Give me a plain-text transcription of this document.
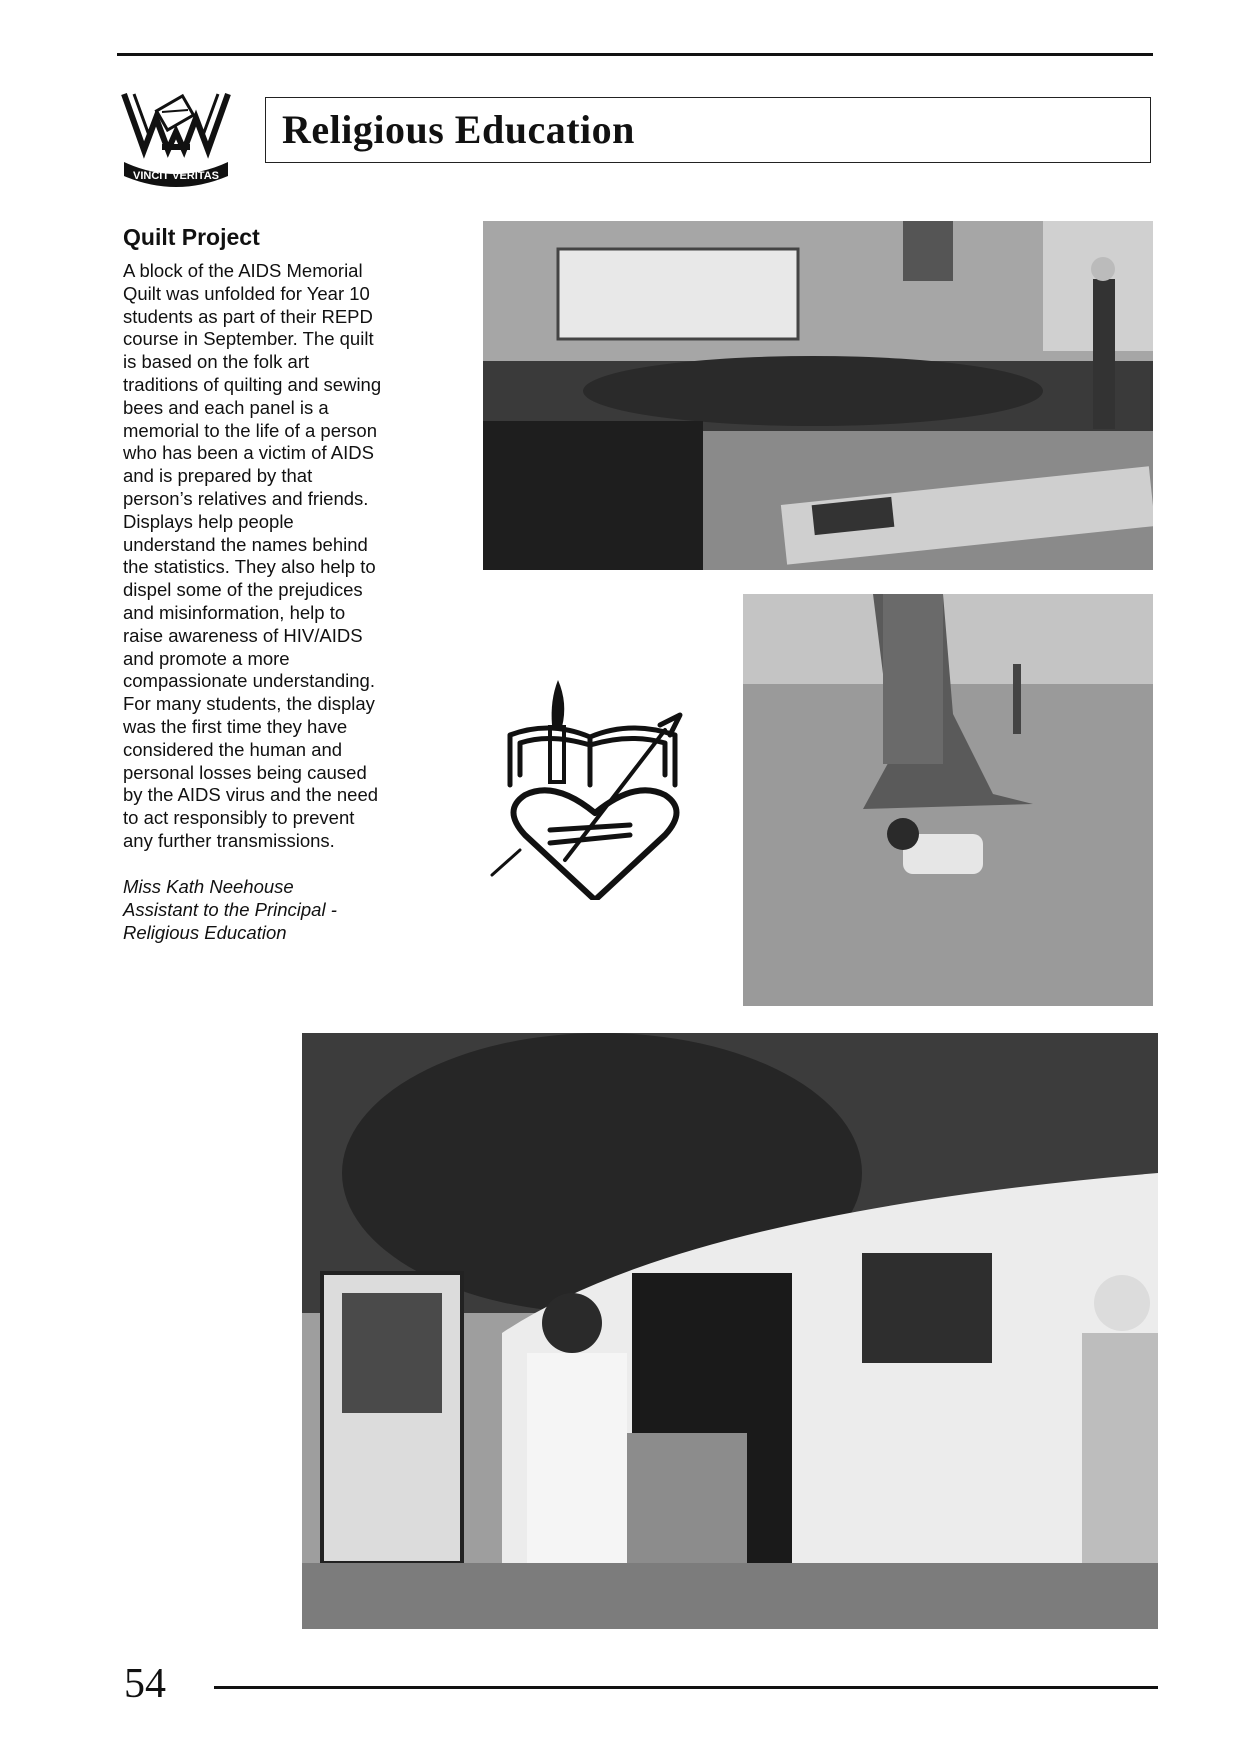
VINCIT VERITAS
Religious Education
Quilt Project

A block of the AIDS Memorial
Quilt was unfolded for Year 10
students as part of their REPD
course in September. The quilt
is based on the folk art
traditions of quilting and sewing
bees and each panel is a
memorial to the life of a person
who has been a victim of AIDS
and is prepared by that
person’s relatives and friends.
Displays help people
understand the names behind
the statistics. They also help to
dispel some of the prejudices
and misinformation, help to
raise awareness of HIV/AIDS
and promote a more
compassionate understanding.
For many students, the display
was the first time they have
considered the human and
personal losses being caused
by the AIDS virus and the need
to act responsibly to prevent
any further transmissions.

Miss Kath Neehouse
Assistant to the Principal -
Religious Education

54
